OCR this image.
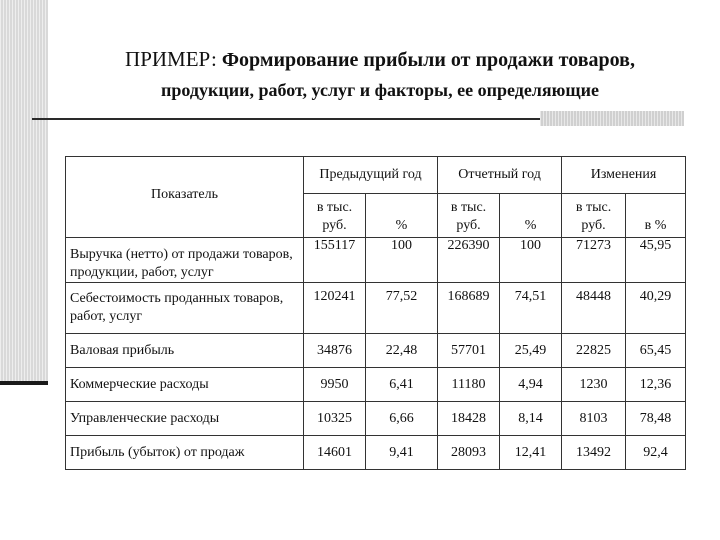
ПРИМЕР: Формирование прибыли от продажи товаров,
продукции, работ, услуг и факторы, ее определяющие
Показатель	Предыдущий год		Отчетный год		Изменения	
	в тыс. руб.	%	в тыс. руб.	%	в тыс. руб.	в %
Выручка (нетто) от продажи товаров, продукции, работ, услуг	155117	100	226390	100	71273	45,95
Себестоимость проданных товаров, работ, услуг	120241	77,52	168689	74,51	48448	40,29
Валовая прибыль	34876	22,48	57701	25,49	22825	65,45
Коммерческие расходы	9950	6,41	11180	4,94	1230	12,36
Управленческие расходы	10325	6,66	18428	8,14	8103	78,48
Прибыль (убыток) от продаж	14601	9,41	28093	12,41	13492	92,4
